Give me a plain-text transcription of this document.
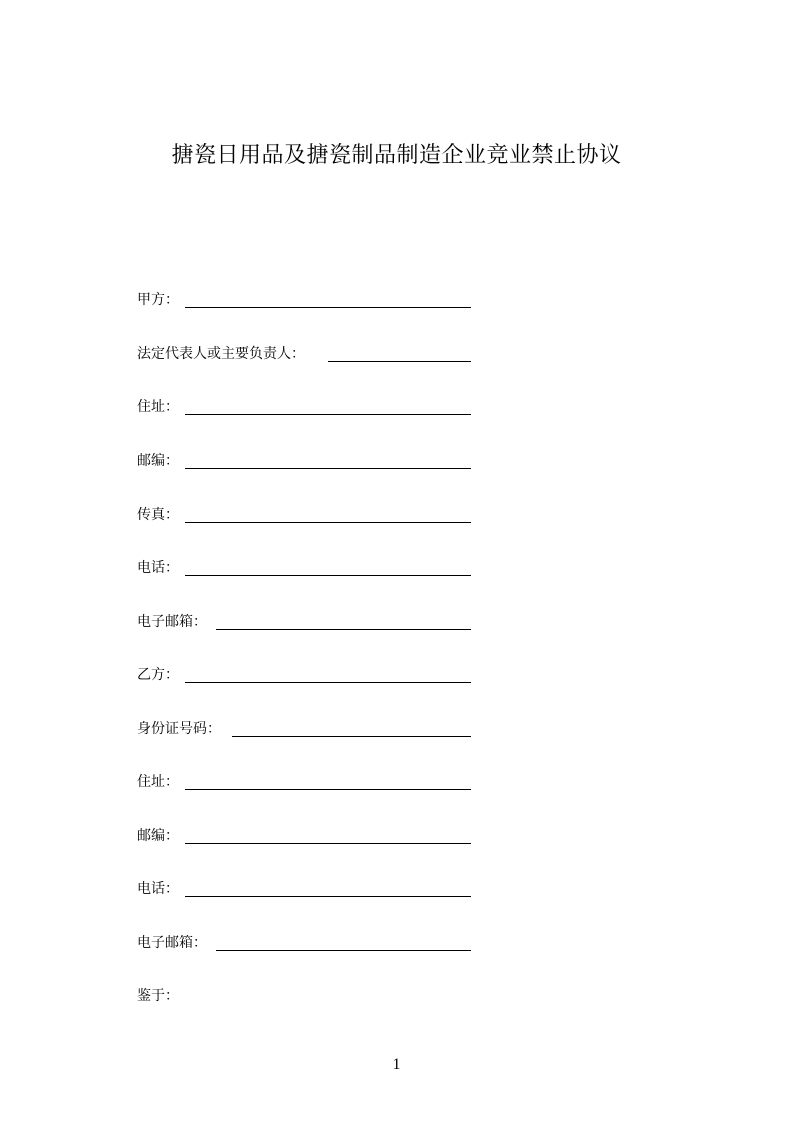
搪瓷日用品及搪瓷制品制造企业竞业禁止协议
甲方：
法定代表人或主要负责人：
住址：
邮编：
传真：
电话：
电子邮箱：
乙方：
身份证号码：
住址：
邮编：
电话：
电子邮箱：
鉴于：
1
